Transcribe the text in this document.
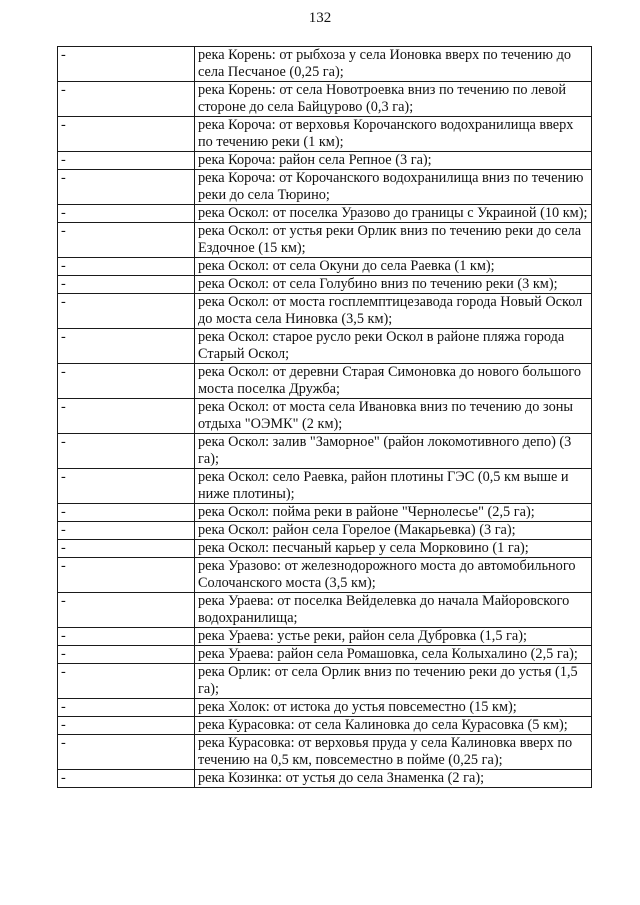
132
-	река Корень: от рыбхоза у села Ионовка вверх по течению до села Песчаное (0,25 га);
-	река Корень: от села Новотроевка вниз по течению по левой стороне до села Байцурово (0,3 га);
-	река Короча: от верховья Корочанского водохранилища вверх по течению реки (1 км);
-	река Короча: район села Репное (3 га);
-	река Короча: от Корочанского водохранилища вниз по течению реки до села Тюрино;
-	река Оскол: от поселка Уразово до границы с Украиной (10 км);
-	река Оскол: от устья реки Орлик вниз по течению реки до села Ездочное (15 км);
-	река Оскол: от села Окуни до села Раевка (1 км);
-	река Оскол: от села Голубино вниз по течению реки (3 км);
-	река Оскол: от моста госплемптицезавода города Новый Оскол до моста села Ниновка (3,5 км);
-	река Оскол: старое русло реки Оскол в районе пляжа города Старый Оскол;
-	река Оскол: от деревни Старая Симоновка до нового большого моста поселка Дружба;
-	река Оскол: от моста села Ивановка вниз по течению до зоны отдыха "ОЭМК" (2 км);
-	река Оскол: залив "Заморное" (район локомотивного депо) (3 га);
-	река Оскол: село Раевка, район плотины ГЭС (0,5 км выше и ниже плотины);
-	река Оскол: пойма реки в районе "Чернолесье" (2,5 га);
-	река Оскол: район села Горелое (Макарьевка) (3 га);
-	река Оскол: песчаный карьер у села Морковино (1 га);
-	река Уразово: от железнодорожного моста до автомобильного Солочанского моста (3,5 км);
-	река Ураева: от поселка Вейделевка до начала Майоровского водохранилища;
-	река Ураева: устье реки, район села Дубровка (1,5 га);
-	река Ураева: район села Ромашовка, села Колыхалино (2,5 га);
-	река Орлик: от села Орлик вниз по течению реки до устья (1,5 га);
-	река Холок: от истока до устья повсеместно (15 км);
-	река Курасовка: от села Калиновка до села Курасовка (5 км);
-	река Курасовка: от верховья пруда у села Калиновка вверх по течению на 0,5 км, повсеместно в пойме (0,25 га);
-	река Козинка: от устья до села Знаменка (2 га);
